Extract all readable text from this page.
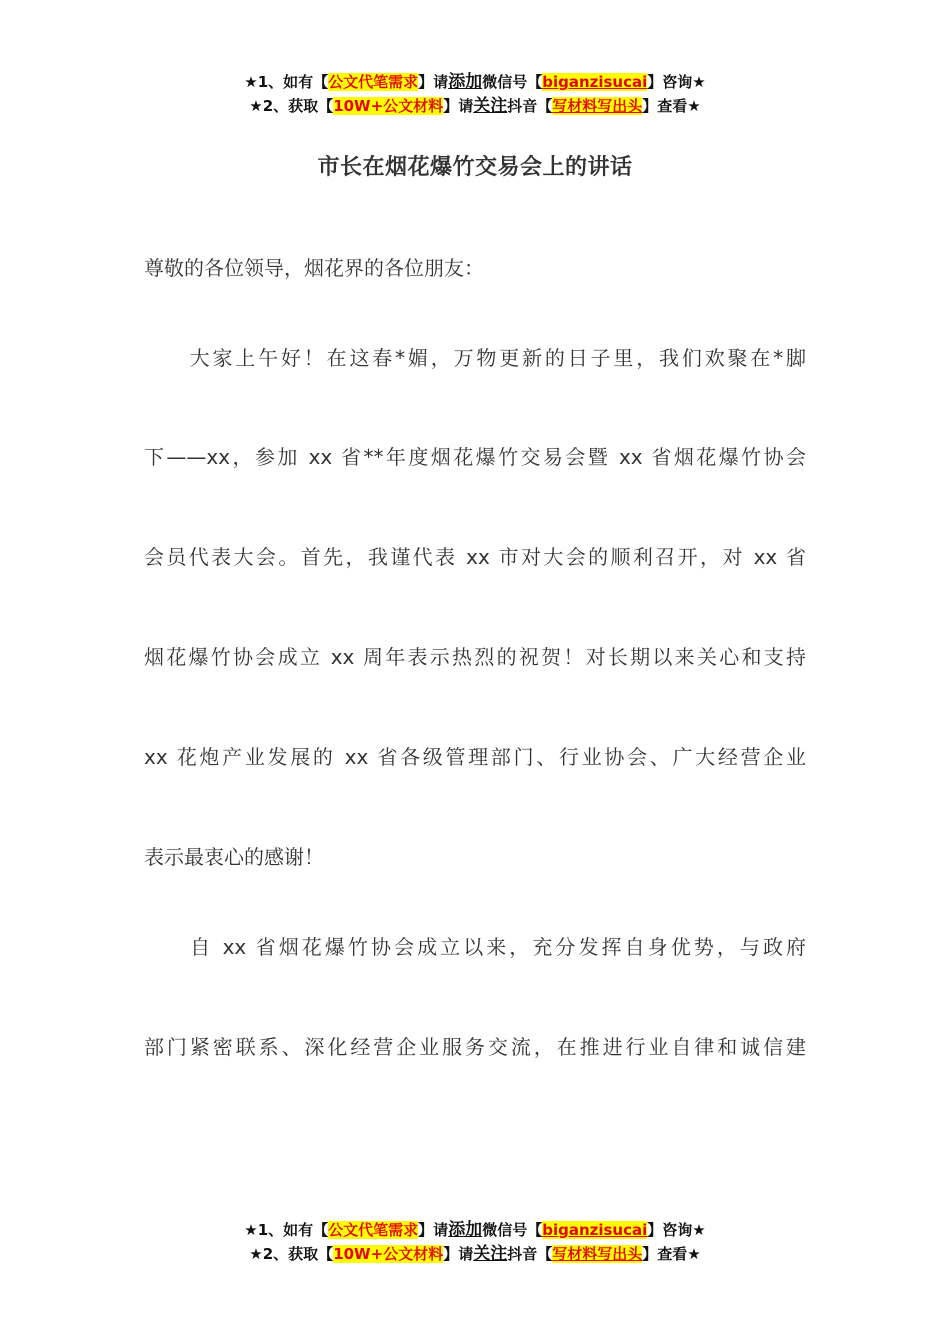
★1、如有【公文代笔需求】请添加微信号【biganzisucai】咨询★
★2、获取【10W+公文材料】请关注抖音【写材料写出头】查看★
市长在烟花爆竹交易会上的讲话
尊敬的各位领导，烟花界的各位朋友：
　　大家上午好！在这春*媚，万物更新的日子里，我们欢聚在*脚
下——xx，参加 xx 省**年度烟花爆竹交易会暨 xx 省烟花爆竹协会
会员代表大会。首先，我谨代表 xx 市对大会的顺利召开，对 xx 省
烟花爆竹协会成立 xx 周年表示热烈的祝贺！对长期以来关心和支持
xx 花炮产业发展的 xx 省各级管理部门、行业协会、广大经营企业
表示最衷心的感谢！
　　自 xx 省烟花爆竹协会成立以来，充分发挥自身优势，与政府
部门紧密联系、深化经营企业服务交流，在推进行业自律和诚信建
★1、如有【公文代笔需求】请添加微信号【biganzisucai】咨询★
★2、获取【10W+公文材料】请关注抖音【写材料写出头】查看★
